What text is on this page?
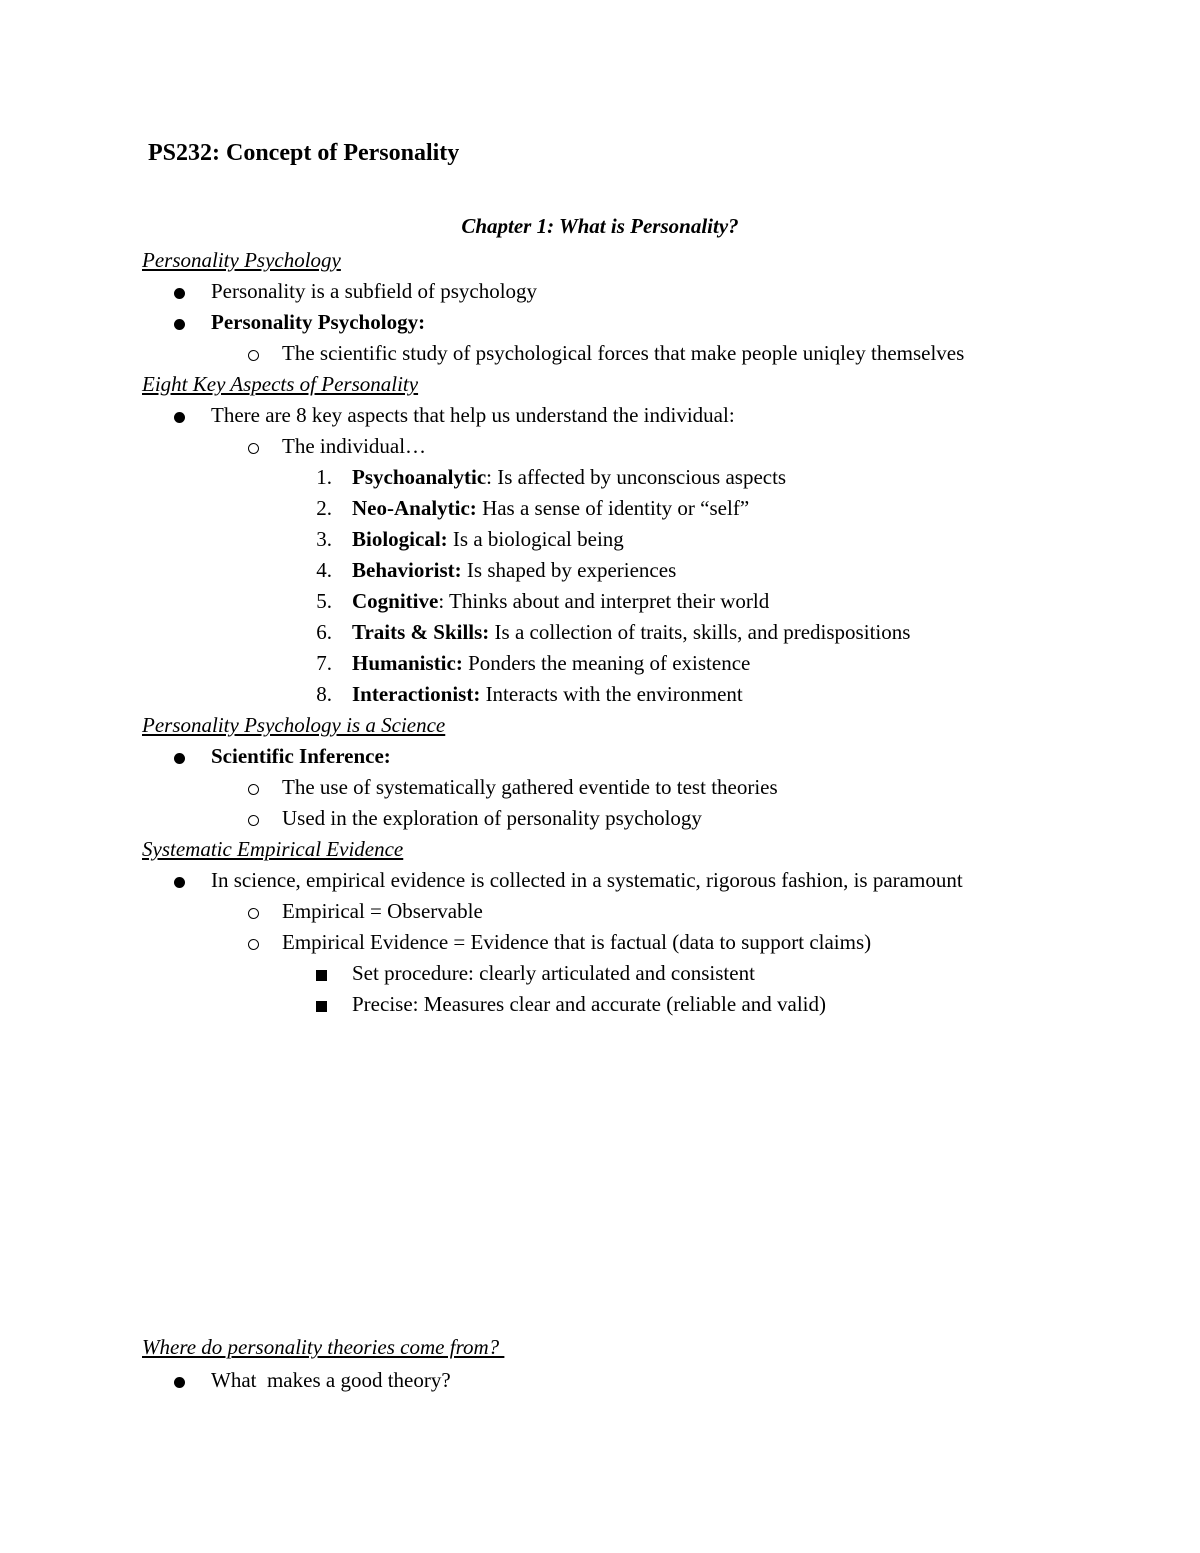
PS232: Concept of Personality
Chapter 1: What is Personality?
Personality Psychology
Personality is a subfield of psychology
Personality Psychology:
The scientific study of psychological forces that make people uniqley themselves
Eight Key Aspects of Personality
There are 8 key aspects that help us understand the individual:
The individual…
1. Psychoanalytic: Is affected by unconscious aspects
2. Neo-Analytic: Has a sense of identity or “self”
3. Biological: Is a biological being
4. Behaviorist: Is shaped by experiences
5. Cognitive: Thinks about and interpret their world
6. Traits & Skills: Is a collection of traits, skills, and predispositions
7. Humanistic: Ponders the meaning of existence
8. Interactionist: Interacts with the environment
Personality Psychology is a Science
Scientific Inference:
The use of systematically gathered eventide to test theories
Used in the exploration of personality psychology
Systematic Empirical Evidence
In science, empirical evidence is collected in a systematic, rigorous fashion, is paramount
Empirical = Observable
Empirical Evidence = Evidence that is factual (data to support claims)
Set procedure: clearly articulated and consistent
Precise: Measures clear and accurate (reliable and valid)
Where do personality theories come from?
What  makes a good theory?
